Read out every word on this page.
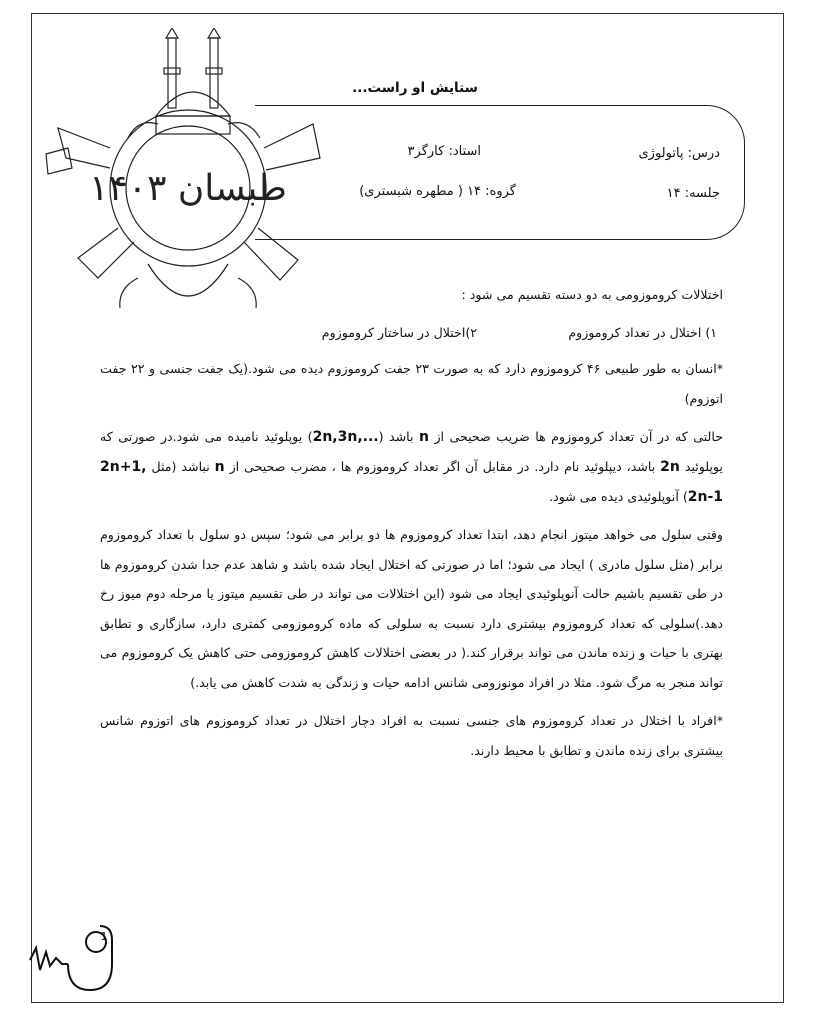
طبسان ۱۴۰۳
ستایش او راست...
درس: پاتولوژی
استاد: کارگر۳
جلسه: ۱۴
گروه: ۱۴ ( مطهره شبستری)

اختلالات کروموزومی به دو دسته تقسیم می شود :

۱) اختلال در تعداد کروموزوم
۲)اختلال در ساختار کروموزوم

*انسان به طور طبیعی ۴۶ کروموزوم دارد که به صورت ۲۳ جفت کروموزوم دیده می شود.(یک جفت جنسی و ۲۲ جفت اتوزوم)

حالتی که در آن تعداد کروموزوم ها ضریب صحیحی از n باشد (2n,3n,...) یوپلوئید نامیده می شود.در صورتی که یوپلوئید 2n باشد، دیپلوئید نام دارد. در مقابل آن اگر تعداد کروموزوم ها ، مضرب صحیحی از n نباشد (مثل 2n+1, 2n-1) آنوپلوئیدی دیده می شود.

وقتی سلول می خواهد میتوز انجام دهد، ابتدا تعداد کروموزوم ها دو برابر می شود؛ سپس دو سلول با تعداد کروموزوم برابر (مثل سلول مادری ) ایجاد می شود؛ اما در صورتی که اختلال ایجاد شده باشد و شاهد عدم جدا شدن کروموزوم ها در طی تقسیم باشیم حالت آنوپلوئیدی ایجاد می شود (این اختلالات می تواند در طی تقسیم میتوز یا مرحله دوم میوز رخ دهد.)سلولی که تعداد کروموزوم بیشتری دارد نسبت به سلولی که ماده کروموزومی کمتری دارد، سازگاری و تطابق بهتری با حیات و زنده ماندن می تواند برقرار کند.( در بعضی اختلالات کاهش کروموزومی حتی کاهش یک کروموزوم می تواند منجر به مرگ شود. مثلا در افراد مونوزومی شانس ادامه حیات و زندگی به شدت کاهش می یابد.)

*افراد با اختلال در تعداد کروموزوم های جنسی نسبت به افراد دچار اختلال در تعداد کروموزوم های اتوزوم شانس بیشتری برای زنده ماندن و تطابق با محیط دارند.

1
